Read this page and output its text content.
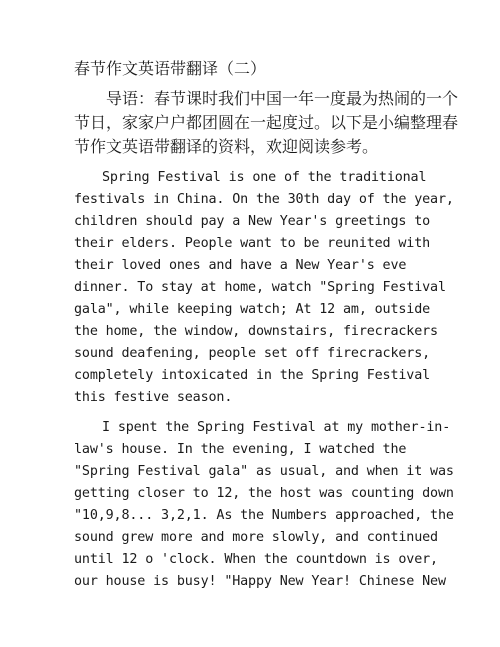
春节作文英语带翻译（二）
导语：春节课时我们中国一年一度最为热闹的一个
节日，家家户户都团圆在一起度过。以下是小编整理春
节作文英语带翻译的资料，欢迎阅读参考。
Spring Festival is one of the traditional
festivals in China. On the 30th day of the year,
children should pay a New Year's greetings to
their elders. People want to be reunited with
their loved ones and have a New Year's eve
dinner. To stay at home, watch "Spring Festival
gala", while keeping watch; At 12 am, outside
the home, the window, downstairs, firecrackers
sound deafening, people set off firecrackers,
completely intoxicated in the Spring Festival
this festive season.
I spent the Spring Festival at my mother-in-
law's house. In the evening, I watched the
"Spring Festival gala" as usual, and when it was
getting closer to 12, the host was counting down
"10,9,8... 3,2,1. As the Numbers approached, the
sound grew more and more slowly, and continued
until 12 o 'clock. When the countdown is over,
our house is busy! "Happy New Year! Chinese New
